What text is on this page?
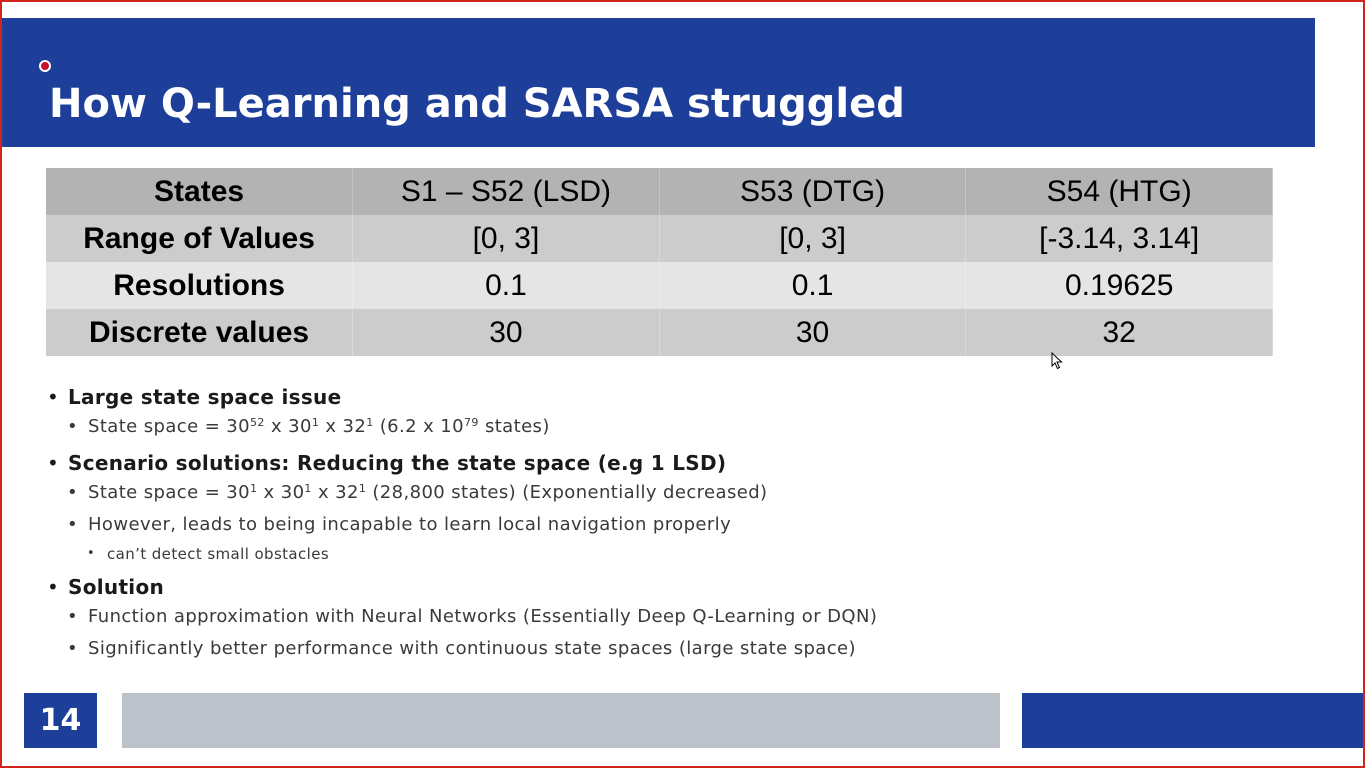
How Q-Learning and SARSA struggled
States	S1 – S52 (LSD)	S53 (DTG)	S54 (HTG)
Range of Values	[0, 3]	[0, 3]	[-3.14, 3.14]
Resolutions	0.1	0.1	0.19625
Discrete values	30	30	32
• Large state space issue
• State space = $30^{52}$ x $30^1$ x $32^1$ (6.2 x $10^{79}$ states)
• Scenario solutions: Reducing the state space (e.g 1 LSD)
• State space = $30^1$ x $30^1$ x $32^1$ (28,800 states) (Exponentially decreased)
• However, leads to being incapable to learn local navigation properly
• can’t detect small obstacles
• Solution
• Function approximation with Neural Networks (Essentially Deep Q-Learning or DQN)
• Significantly better performance with continuous state spaces (large state space)
14
